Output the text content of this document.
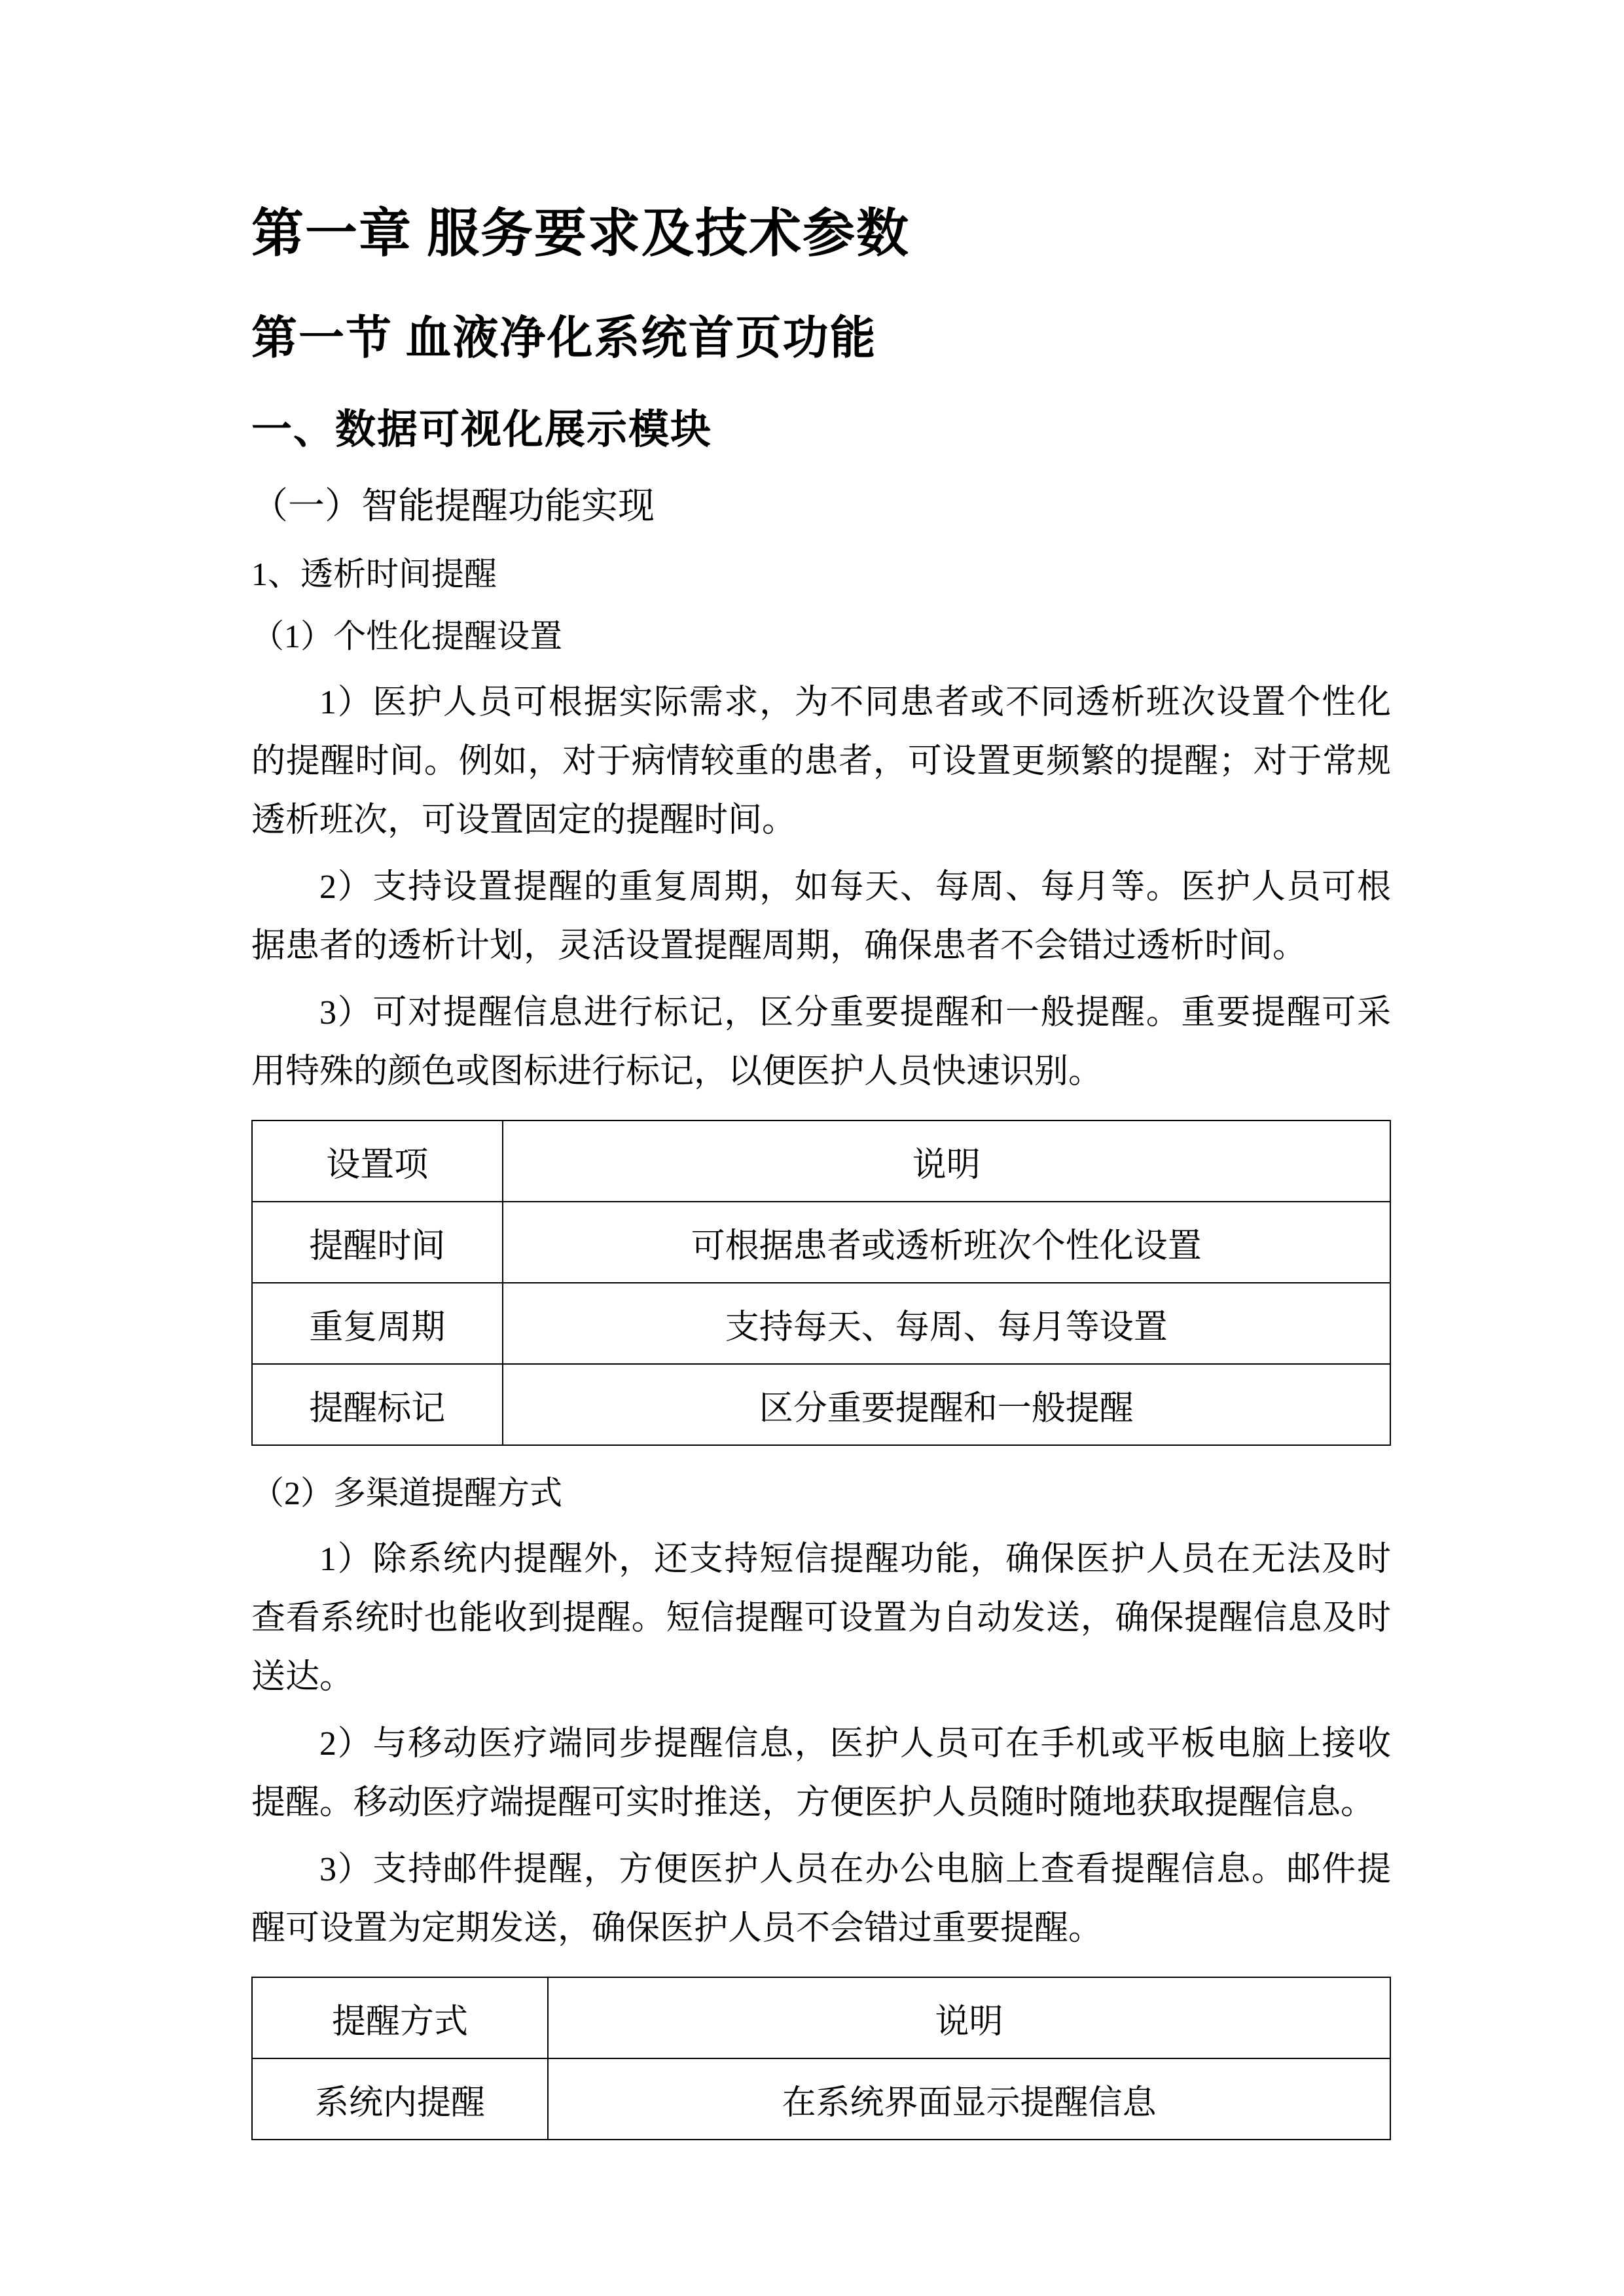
第一章 服务要求及技术参数
第一节 血液净化系统首页功能
一、数据可视化展示模块
（一）智能提醒功能实现
1、透析时间提醒
（1）个性化提醒设置

1）医护人员可根据实际需求，为不同患者或不同透析班次设置个性化的提醒时间。例如，对于病情较重的患者，可设置更频繁的提醒；对于常规透析班次，可设置固定的提醒时间。

2）支持设置提醒的重复周期，如每天、每周、每月等。医护人员可根据患者的透析计划，灵活设置提醒周期，确保患者不会错过透析时间。

3）可对提醒信息进行标记，区分重要提醒和一般提醒。重要提醒可采用特殊的颜色或图标进行标记，以便医护人员快速识别。

设置项	说明
提醒时间	可根据患者或透析班次个性化设置
重复周期	支持每天、每周、每月等设置
提醒标记	区分重要提醒和一般提醒
（2）多渠道提醒方式

1）除系统内提醒外，还支持短信提醒功能，确保医护人员在无法及时查看系统时也能收到提醒。短信提醒可设置为自动发送，确保提醒信息及时送达。

2）与移动医疗端同步提醒信息，医护人员可在手机或平板电脑上接收提醒。移动医疗端提醒可实时推送，方便医护人员随时随地获取提醒信息。

3）支持邮件提醒，方便医护人员在办公电脑上查看提醒信息。邮件提醒可设置为定期发送，确保医护人员不会错过重要提醒。

提醒方式	说明
系统内提醒	在系统界面显示提醒信息
